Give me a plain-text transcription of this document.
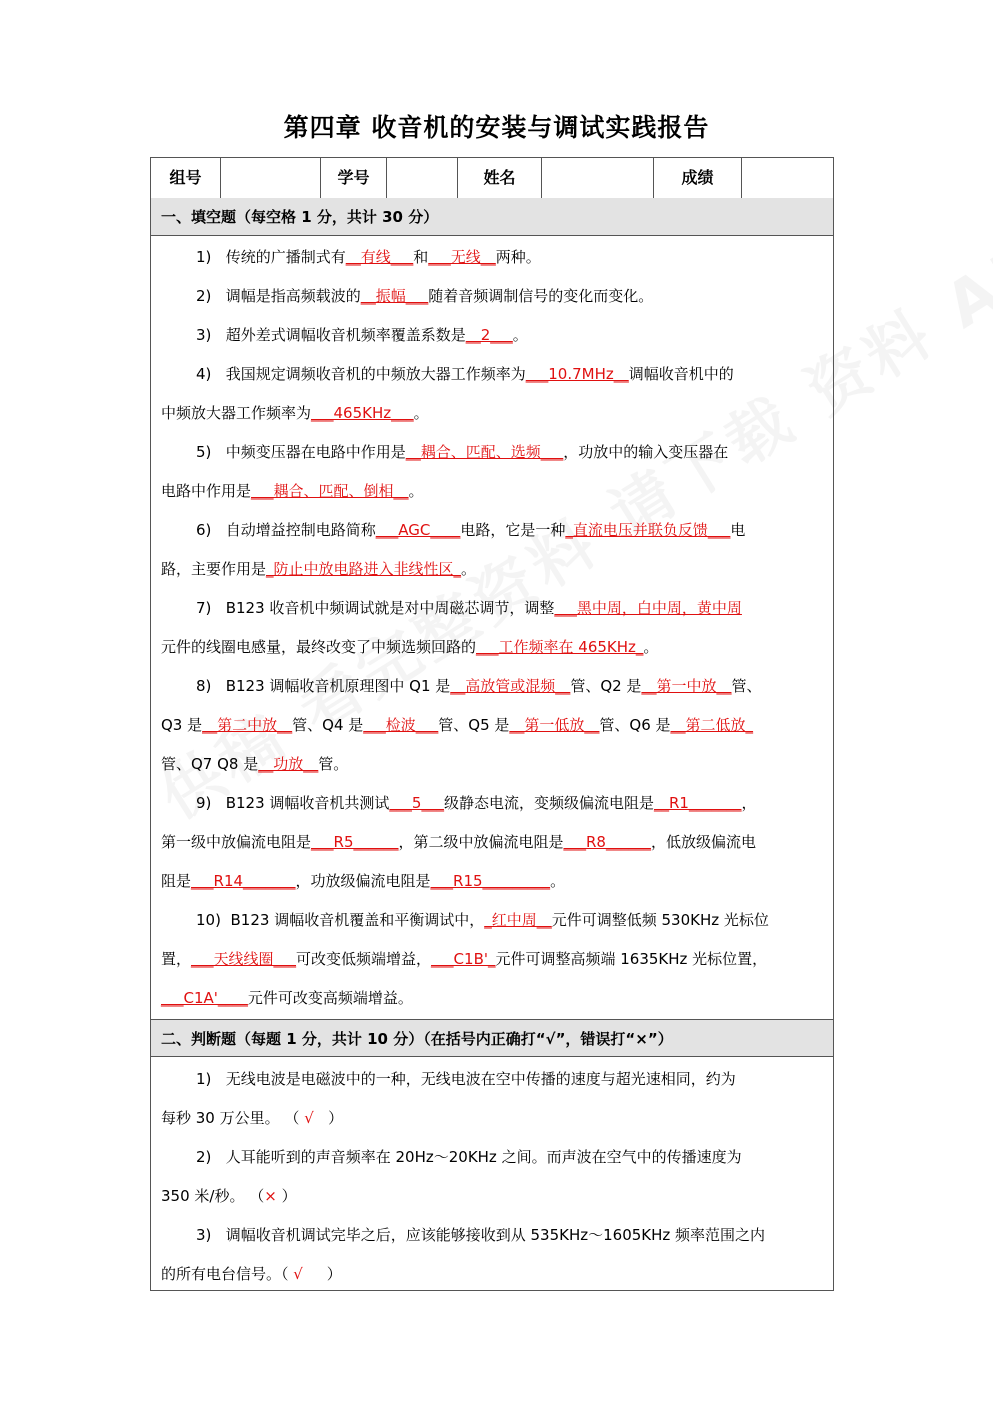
第四章 收音机的安装与调试实践报告
组号	学号	姓名	成绩
一、填空题（每空格 1 分，共计 30 分）
1) 传统的广播制式有__有线___和___无线__两种。
2) 调幅是指高频载波的__振幅___随着音频调制信号的变化而变化。
3) 超外差式调幅收音机频率覆盖系数是__2___。
4) 我国规定调频收音机的中频放大器工作频率为___10.7MHz__调幅收音机中的
中频放大器工作频率为___465KHz___。
5) 中频变压器在电路中作用是__耦合、匹配、选频___，功放中的输入变压器在
电路中作用是___耦合、匹配、倒相__。
6) 自动增益控制电路简称___AGC____电路，它是一种_直流电压并联负反馈___电
路，主要作用是_防止中放电路进入非线性区_。
7) B123 收音机中频调试就是对中周磁芯调节，调整___黑中周，白中周，黄中周
元件的线圈电感量，最终改变了中频选频回路的___工作频率在 465KHz_。
8) B123 调幅收音机原理图中 Q1 是__高放管或混频__管、Q2 是__第一中放__管、
Q3 是__第二中放__管、Q4 是___检波___管、Q5 是__第一低放__管、Q6 是__第二低放_
管、Q7 Q8 是__功放__管。
9) B123 调幅收音机共测试___5___级静态电流，变频级偏流电阻是__R1_______，
第一级中放偏流电阻是___R5______，第二级中放偏流电阻是___R8______，低放级偏流电
阻是___R14_______，功放级偏流电阻是___R15_________。
10) B123 调幅收音机覆盖和平衡调试中，_红中周__元件可调整低频 530KHz 光标位
置，___天线线圈___可改变低频端增益，___C1B'_元件可调整高频端 1635KHz 光标位置，
___C1A'____元件可改变高频端增益。
二、判断题（每题 1 分，共计 10 分）（在括号内正确打“√”，错误打“×”）
1) 无线电波是电磁波中的一种，无线电波在空中传播的速度与超光速相同，约为
每秒 30 万公里。 （ √ ）
2) 人耳能听到的声音频率在 20Hz～20KHz 之间。而声波在空气中的传播速度为
350 米/秒。 （× ）
3) 调幅收音机调试完毕之后，应该能够接收到从 535KHz～1605KHz 频率范围之内
的所有电台信号。（ √ ）
